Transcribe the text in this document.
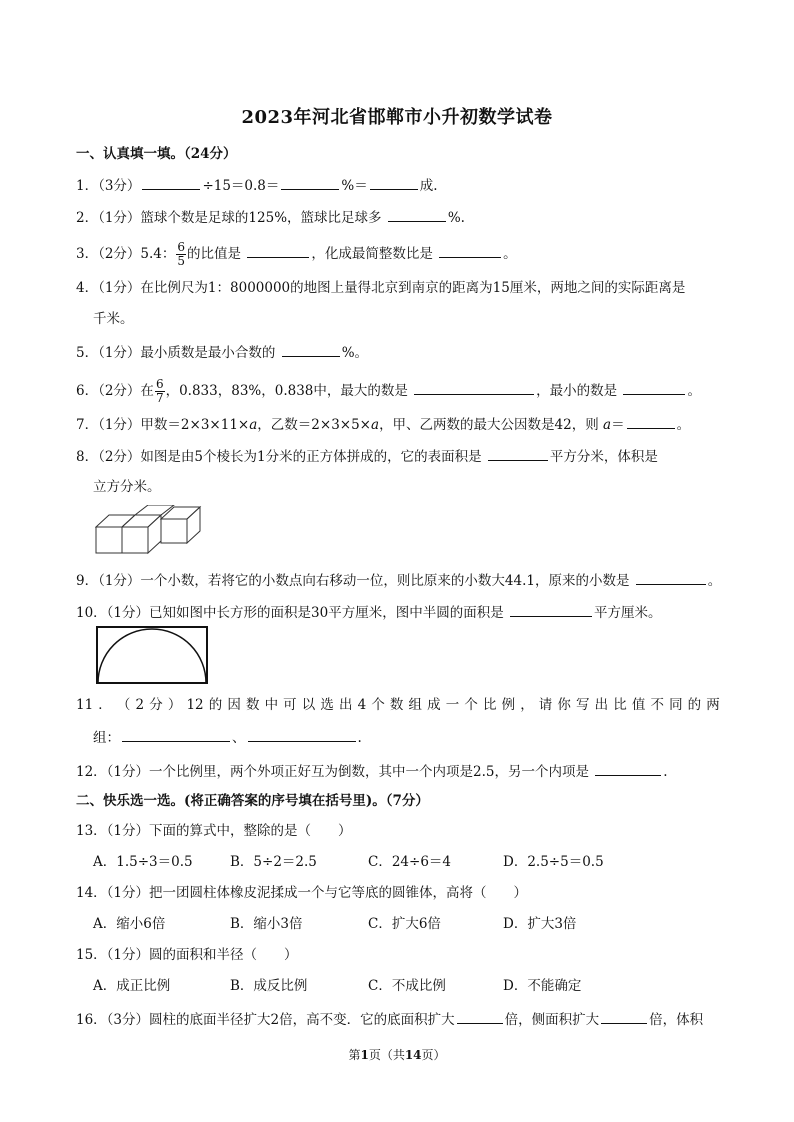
2023年河北省邯郸市小升初数学试卷
一、认真填一填。（24分）
1．（3分）	÷15＝0.8＝	%＝	成.
2．（1分）篮球个数是足球的125%，篮球比足球多	%.
3．（2分）5.4： $\frac{6}{5}$ 的比值是	，化成最简整数比是	。
4．（1分）在比例尺为1：8000000的地图上量得北京到南京的距离为15厘米，两地之间的实际距离是
千米。
5．（1分）最小质数是最小合数的	%。
6．（2分）在 $\frac{6}{7}$ ，0.833，83%，0.838中，最大的数是	，最小的数是	。
7．（1分）甲数＝2×3×11×a，乙数＝2×3×5×a，甲、乙两数的最大公因数是42，则 a＝	。
8．（2分）如图是由5个棱长为1分米的正方体拼成的，它的表面积是	平方分米，体积是
立方分米。
9．（1分）一个小数，若将它的小数点向右移动一位，则比原来的小数大44.1，原来的小数是	。
10．（1分）已知如图中长方形的面积是30平方厘米，图中半圆的面积是	平方厘米。
11 ． （ 2 分 ） 12 的 因 数 中 可 以 选 出 4 个 数 组 成 一 个 比 例 ， 请 你 写 出 比 值 不 同 的 两
组：	、	.
12．（1分）一个比例里，两个外项正好互为倒数，其中一个内项是2.5，另一个内项是	.
二、快乐选一选。(将正确答案的序号填在括号里)。（7分）
13．（1分）下面的算式中，整除的是（　　）
A．1.5÷3＝0.5	B．5÷2＝2.5	C．24÷6＝4	D．2.5÷5＝0.5
14．（1分）把一团圆柱体橡皮泥揉成一个与它等底的圆锥体，高将（　　）
A．缩小6倍	B．缩小3倍	C．扩大6倍	D．扩大3倍
15．（1分）圆的面积和半径（　　）
A．成正比例	B．成反比例	C．不成比例	D．不能确定
16．（3分）圆柱的底面半径扩大2倍，高不变．它的底面积扩大	倍，侧面积扩大	倍，体积
第1页（共14页）
